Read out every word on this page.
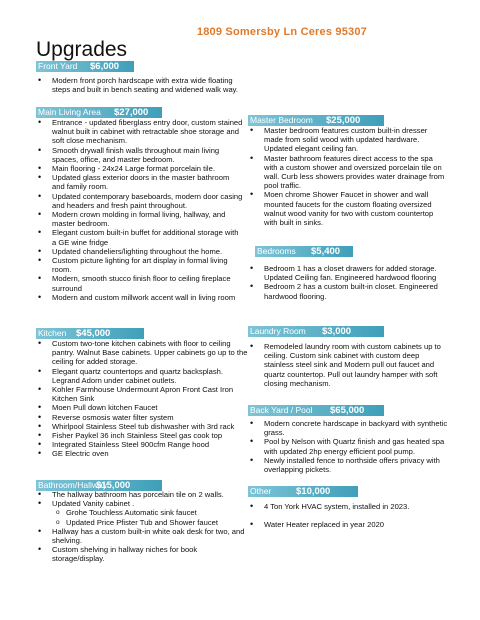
1809 Somersby Ln Ceres 95307
Upgrades
Front Yard $6,000
• Modern front porch hardscape with extra wide floating steps and built in bench seating and widened walk way.
Main Living Area $27,000
• Entrance - updated fiberglass entry door, custom stained walnut built in cabinet with retractable shoe storage and soft close mechanism.
• Smooth drywall finish walls throughout main living spaces, office, and master bedroom.
• Main flooring - 24x24 Large format porcelain tile.
• Updated glass exterior doors in the master bathroom and family room.
• Updated contemporary baseboards, modern door casing and headers and fresh paint throughout.
• Modern crown molding in formal living, hallway, and master bedroom.
• Elegant custom built-in buffet for additional storage with a GE wine fridge
• Updated chandeliers/lighting throughout the home.
• Custom picture lighting for art display in formal living room.
• Modern, smooth stucco finish floor to ceiling fireplace surround
• Modern and custom millwork accent wall in living room
Kitchen $45,000
• Custom two-tone kitchen cabinets with floor to ceiling pantry. Walnut Base cabinets. Upper cabinets go up to the ceiling for added storage.
• Elegant quartz countertops and quartz backsplash. Legrand Adorn under cabinet outlets.
• Kohler Farmhouse Undermount Apron Front Cast Iron Kitchen Sink
• Moen Pull down kitchen Faucet
• Reverse osmosis water filter system
• Whirlpool Stainless Steel tub dishwasher with 3rd rack
• Fisher Paykel 36 inch Stainless Steel gas cook top
• Integrated Stainless Steel 900cfm Range hood
• GE Electric oven
Bathroom/Hallway
$15,000
• The hallway bathroom has porcelain tile on 2 walls.
• Updated Vanity cabinet .
o Grohe Touchless Automatic sink faucet
o Updated Price Pfister Tub and Shower faucet
• Hallway has a custom built-in white oak desk for two, and shelving.
• Custom shelving in hallway niches for book storage/display.
Master Bedroom $25,000
• Master bedroom features custom built-in dresser made from solid wood with updated hardware. Updated elegant ceiling fan.
• Master bathroom features direct access to the spa with a custom shower and oversized porcelain tile on wall. Curb less showers provides water drainage from pool traffic.
• Moen chrome Shower Faucet in shower and wall mounted faucets for the custom floating oversized walnut wood vanity for two with custom countertop with built in sinks.
Bedrooms $5,400
• Bedroom 1 has a closet drawers for added storage. Updated Ceiling fan. Engineered hardwood flooring
• Bedroom 2 has a custom built-in closet. Engineered hardwood flooring.
Laundry Room $3,000
• Remodeled laundry room with custom cabinets up to ceiling. Custom sink cabinet with custom deep stainless steel sink and Modern pull out faucet and quartz countertop. Pull out laundry hamper with soft closing mechanism.
Back Yard / Pool $65,000
• Modern concrete hardscape in backyard with synthetic grass.
• Pool by Nelson with Quartz finish and gas heated spa with updated 2hp energy efficient pool pump.
• Newly installed fence to northside offers privacy with overlapping pickets.
Other	$10,000
• 4 Ton York HVAC system, installed in 2023.
• Water Heater replaced in year 2020
